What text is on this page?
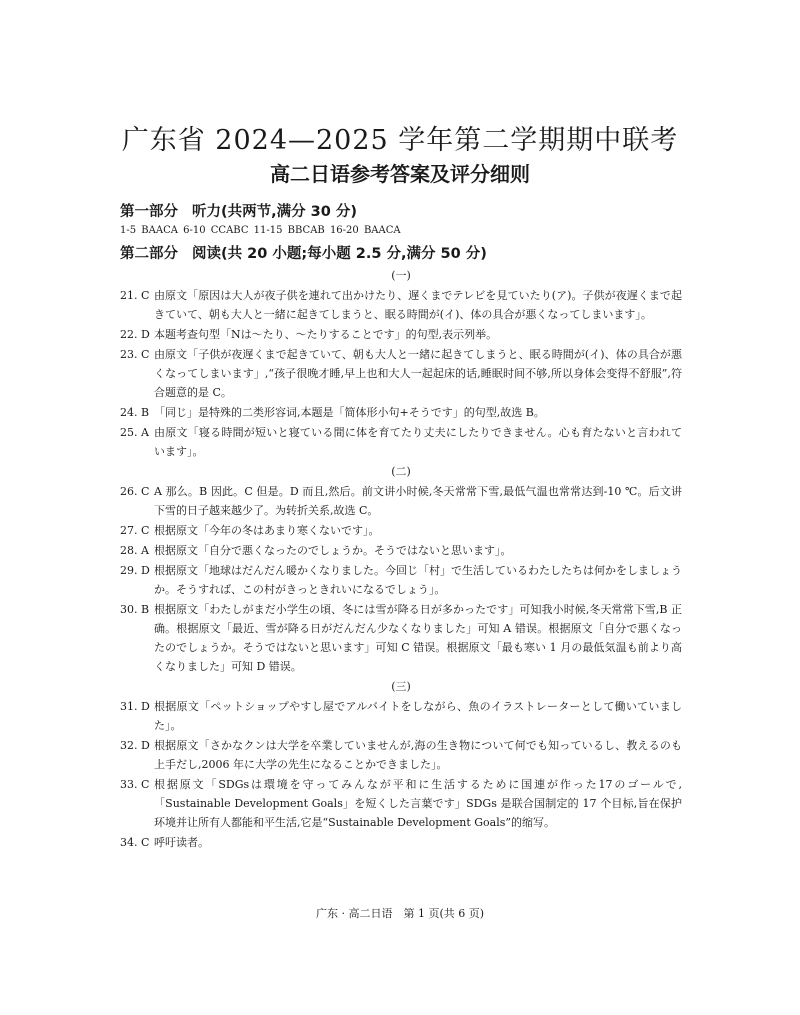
广东省 2024—2025 学年第二学期期中联考
高二日语参考答案及评分细则
第一部分 听力(共两节,满分 30 分)
1-5 BAACA 6-10 CCABC 11-15 BBCAB 16-20 BAACA
第二部分 阅读(共 20 小题;每小题 2.5 分,满分 50 分)
(一)
21. C 由原文「原因は大人が夜子供を連れて出かけたり、遅くまでテレビを見ていたり(ア)。子供が夜遅くまで起きていて、朝も大人と一緒に起きてしまうと、眠る時間が(イ)、体の具合が悪くなってしまいます」。
22. D 本题考查句型「Nは～たり、～たりすることです」的句型,表示列举。
23. C 由原文「子供が夜遅くまで起きていて、朝も大人と一緒に起きてしまうと、眠る時間が(イ)、体の具合が悪くなってしまいます」,“孩子很晚才睡,早上也和大人一起起床的话,睡眠时间不够,所以身体会变得不舒服”,符合题意的是 C。
24. B 「同じ」是特殊的二类形容词,本题是「简体形小句+そうです」的句型,故选 B。
25. A 由原文「寝る時間が短いと寝ている間に体を育てたり丈夫にしたりできません。心も育たないと言われています」。
(二)
26. C A 那么。B 因此。C 但是。D 而且,然后。前文讲小时候,冬天常常下雪,最低气温也常常达到-10 ℃。后文讲下雪的日子越来越少了。为转折关系,故选 C。
27. C 根据原文「今年の冬はあまり寒くないです」。
28. A 根据原文「自分で悪くなったのでしょうか。そうではないと思います」。
29. D 根据原文「地球はだんだん暖かくなりました。今回じ「村」で生活しているわたしたちは何かをしましょうか。そうすれば、この村がきっときれいになるでしょう」。
30. B 根据原文「わたしがまだ小学生の頃、冬には雪が降る日が多かったです」可知我小时候,冬天常常下雪,B 正确。根据原文「最近、雪が降る日がだんだん少なくなりました」可知 A 错误。根据原文「自分で悪くなったのでしょうか。そうではないと思います」可知 C 错误。根据原文「最も寒い 1 月の最低気温も前より高くなりました」可知 D 错误。
(三)
31. D 根据原文「ペットショップやすし屋でアルバイトをしながら、魚のイラストレーターとして働いていました」。
32. D 根据原文「さかなクンは大学を卒業していませんが,海の生き物について何でも知っているし、教えるのも上手だし,2006 年に大学の先生になることかできました」。
33. C 根据原文「SDGsは環境を守ってみんなが平和に生活するために国連が作った17のゴールで,「Sustainable Development Goals」を短くした言葉です」SDGs 是联合国制定的 17 个目标,旨在保护环境并让所有人都能和平生活,它是“Sustainable Development Goals”的缩写。
34. C 呼吁读者。
广东 · 高二日语　第 1 页(共 6 页)
